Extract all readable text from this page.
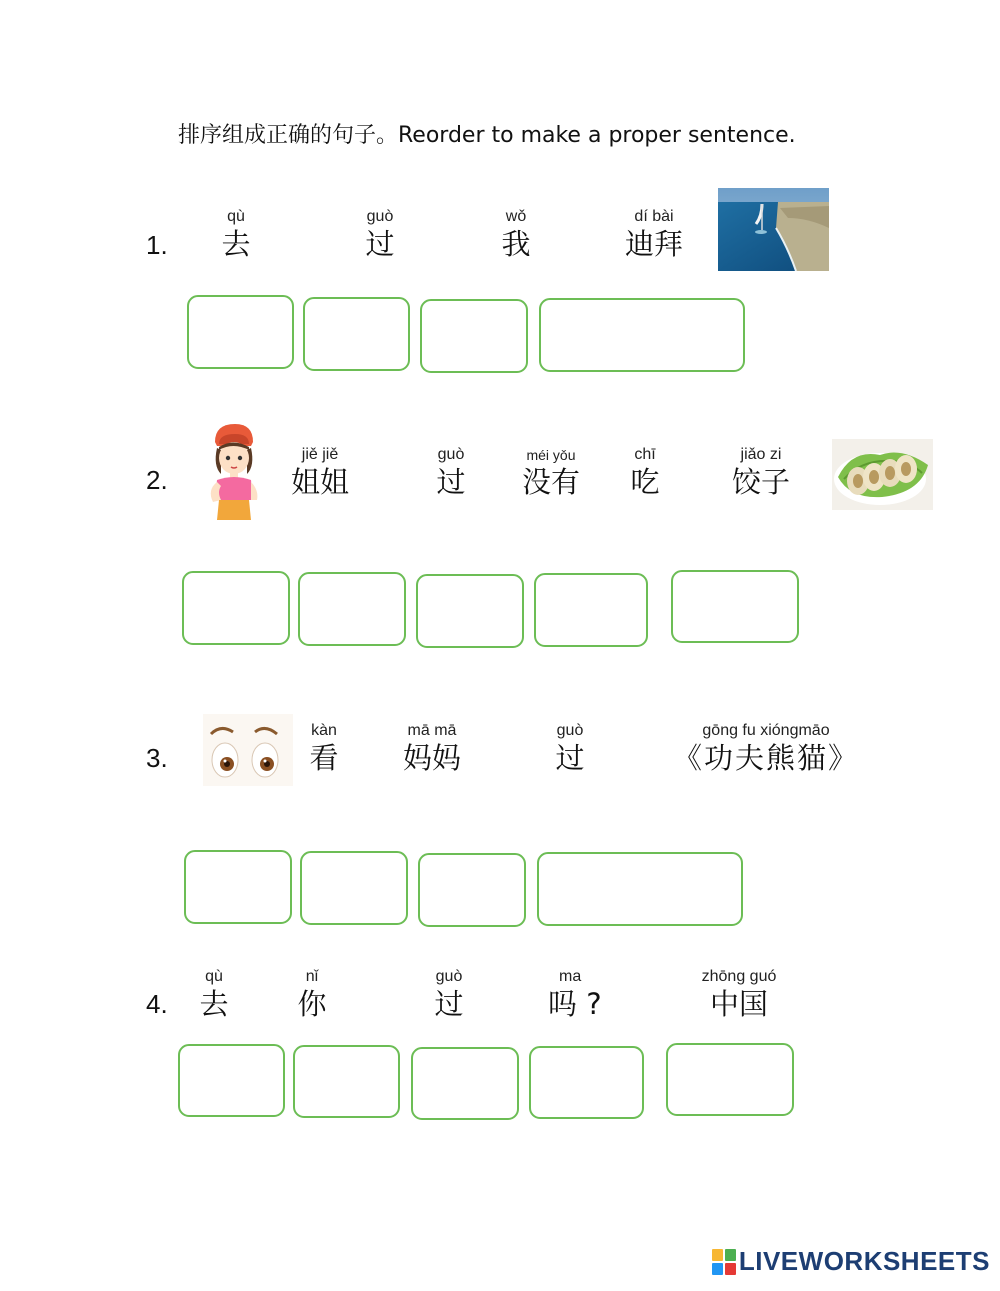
排序组成正确的句子。Reorder to make a proper sentence.
1.
qù
去
guò
过
wǒ
我
dí bài
迪拜
2.
jiě jiě
姐姐
guò
过
méi yǒu
没有
chī
吃
jiǎo zi
饺子
3.
kàn
看
mā mā
妈妈
guò
过
gōng fu xióngmāo
《功夫熊猫》
4.
qù
去
nǐ
你
guò
过
ma
吗 ?
zhōng guó
中国
LIVEWORKSHEETS
